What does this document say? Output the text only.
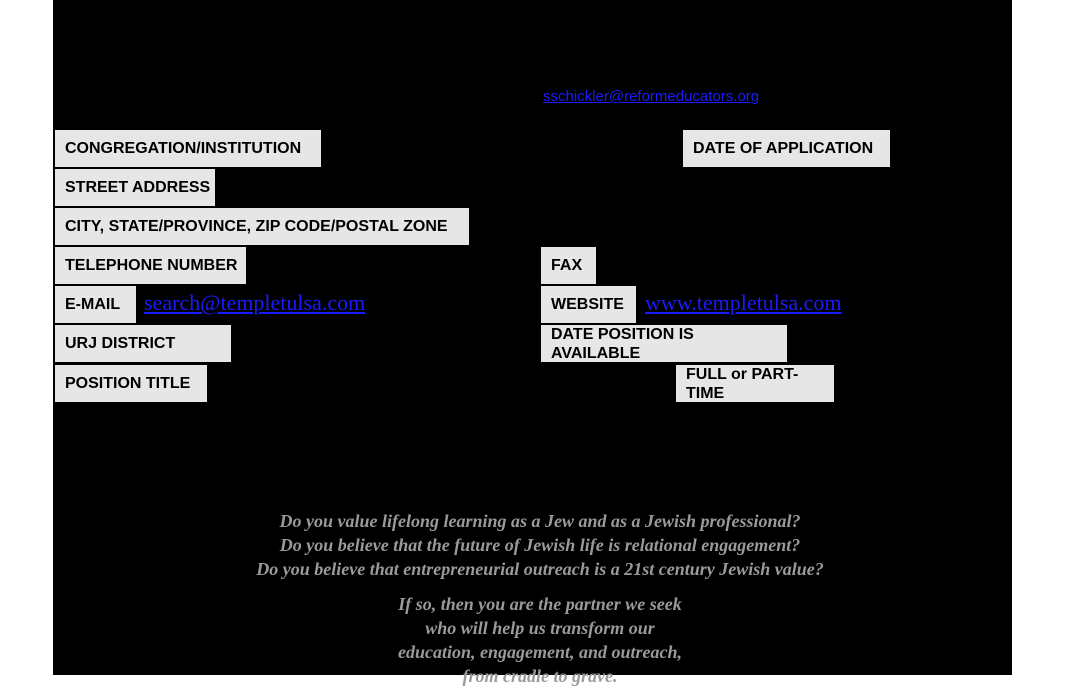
sschickler@reformeducators.org
CONGREGATION/INSTITUTION	DATE OF APPLICATION
STREET ADDRESS
CITY, STATE/PROVINCE, ZIP CODE/POSTAL ZONE
TELEPHONE NUMBER	FAX
E-MAIL	search@templetulsa.com	WEBSITE www.templetulsa.com
URJ DISTRICT
DATE POSITION IS
AVAILABLE
POSITION TITLE
FULL or PART-
TIME
Do you value lifelong learning as a Jew and as a Jewish professional?
Do you believe that the future of Jewish life is relational engagement?
Do you believe that entrepreneurial outreach is a 21st century Jewish value?
If so, then you are the partner we seek
who will help us transform our
education, engagement, and outreach,
from cradle to grave.
